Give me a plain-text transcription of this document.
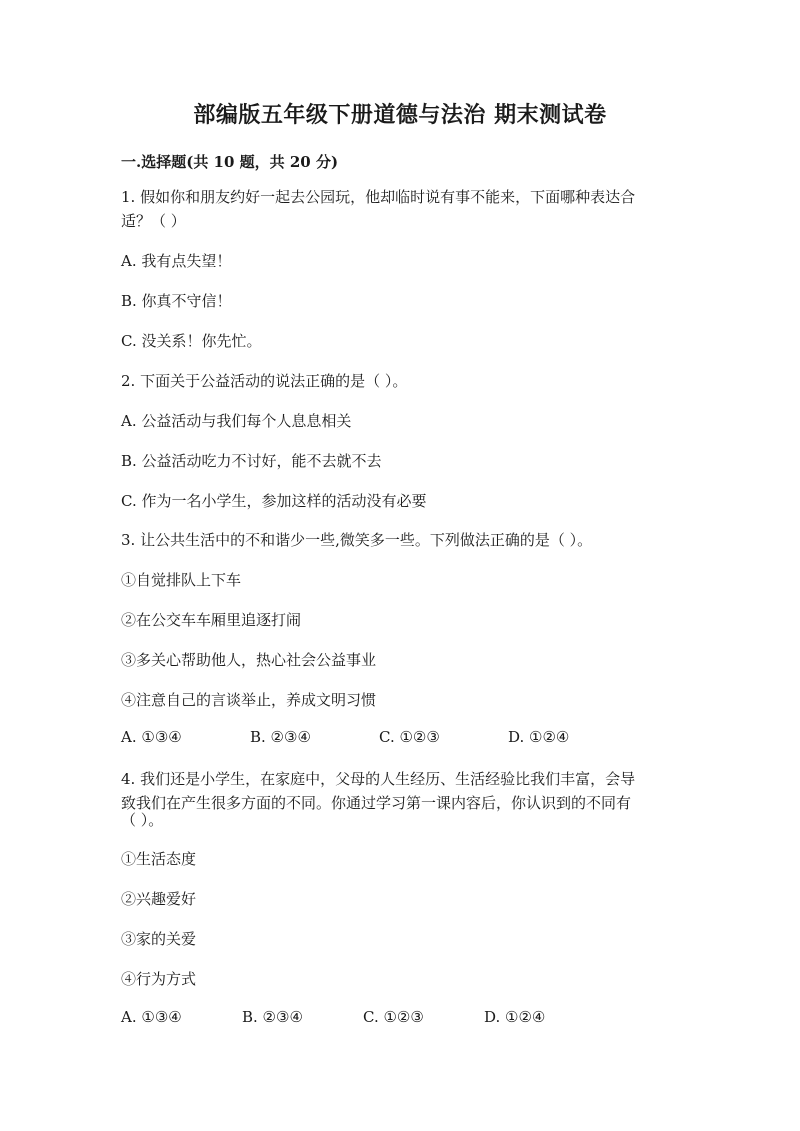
部编版五年级下册道德与法治 期末测试卷
一.选择题(共 10 题，共 20 分)
1. 假如你和朋友约好一起去公园玩，他却临时说有事不能来，下面哪种表达合
适？（ ）
A. 我有点失望！
B. 你真不守信！
C. 没关系！你先忙。
2. 下面关于公益活动的说法正确的是（ ）。
A. 公益活动与我们每个人息息相关
B. 公益活动吃力不讨好，能不去就不去
C. 作为一名小学生，参加这样的活动没有必要
3. 让公共生活中的不和谐少一些,微笑多一些。下列做法正确的是（ ）。
①自觉排队上下车
②在公交车车厢里追逐打闹
③多关心帮助他人，热心社会公益事业
④注意自己的言谈举止，养成文明习惯
A. ①③④	B. ②③④	C. ①②③	D. ①②④
4. 我们还是小学生，在家庭中，父母的人生经历、生活经验比我们丰富，会导
致我们在产生很多方面的不同。你通过学习第一课内容后，你认识到的不同有
（ ）。
①生活态度
②兴趣爱好
③家的关爱
④行为方式
A. ①③④	B. ②③④	C. ①②③	D. ①②④
